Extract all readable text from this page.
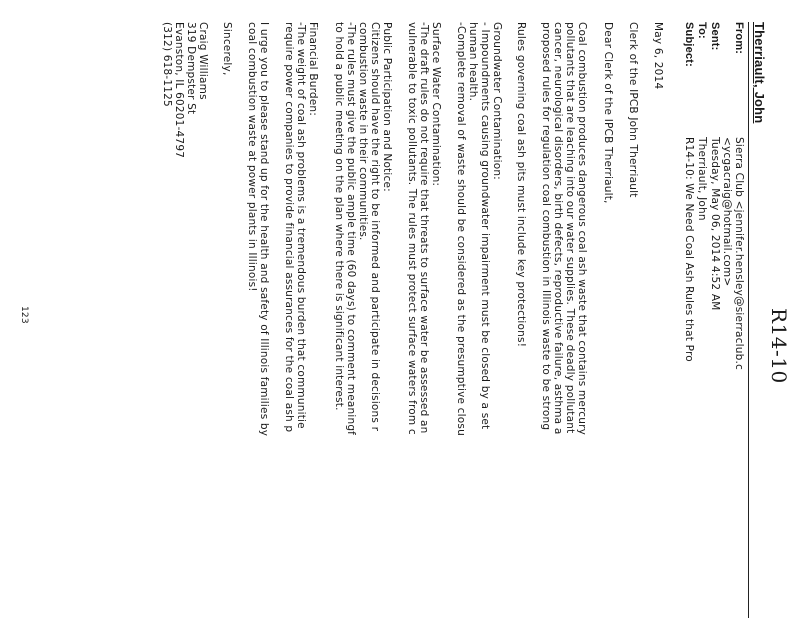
R14-10
Therriault, John
From:
Sierra Club <jennifer.hensley@sierraclub.c
<ycgacraig@hotmail.com>
Sent:
Tuesday, May 06, 2014 4:52 AM
To:
Therriault, John
Subject:
R14-10: We Need Coal Ash Rules that Pro
May 6, 2014
Clerk of the IPCB John Therriault
Dear Clerk of the IPCB Therriault,
Coal combustion produces dangerous coal ash waste that contains mercury
pollutants that are leaching into our water supplies. These deadly pollutant
cancer, neurological disorders, birth defects, reproductive failure, asthma a
proposed rules for regulation coal combustion in Illinois waste to be strong
Rules governing coal ash pits must include key protections!
Groundwater Contamination:
- Impoundments causing groundwater impairment must be closed by a set
human health.
-Complete removal of waste should be considered as the presumptive closu
Surface Water Contamination:
-The draft rules do not require that threats to surface water be assessed an
vulnerable to toxic pollutants. The rules must protect surface waters from c
Public Participation and Notice:
Citizens should have the right to be informed and participate in decisions r
combustion waste in their communities.
-The rules must give the public ample time (60 days) to comment meaningf
to hold a public meeting on the plan where there is significant interest.
Financial Burden:
-The weight of coal ash problems is a tremendous burden that communitie
require power companies to provide financial assurances for the coal ash p
I urge you to please stand up for the health and safety of Illinois families by
coal combustion waste at power plants in Illinois!
Sincerely,
Craig Williams
319 Dempster St
Evanston, IL 60201-4797
(312) 618-1125
123
